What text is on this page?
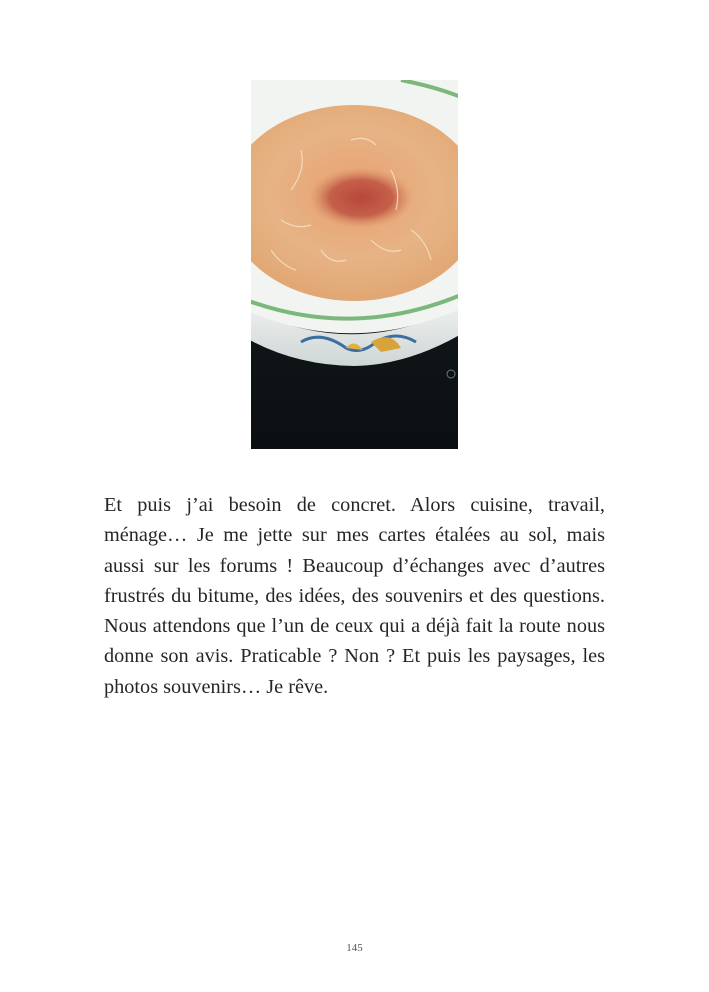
Et puis j’ai besoin de concret. Alors cuisine, travail, ménage… Je me jette sur mes cartes étalées au sol, mais aussi sur les forums ! Beaucoup d’échanges avec d’autres frustrés du bitume, des idées, des souvenirs et des questions. Nous attendons que l’un de ceux qui a déjà fait la route nous donne son avis. Praticable ? Non ? Et puis les paysages, les photos souvenirs… Je rêve.

145
